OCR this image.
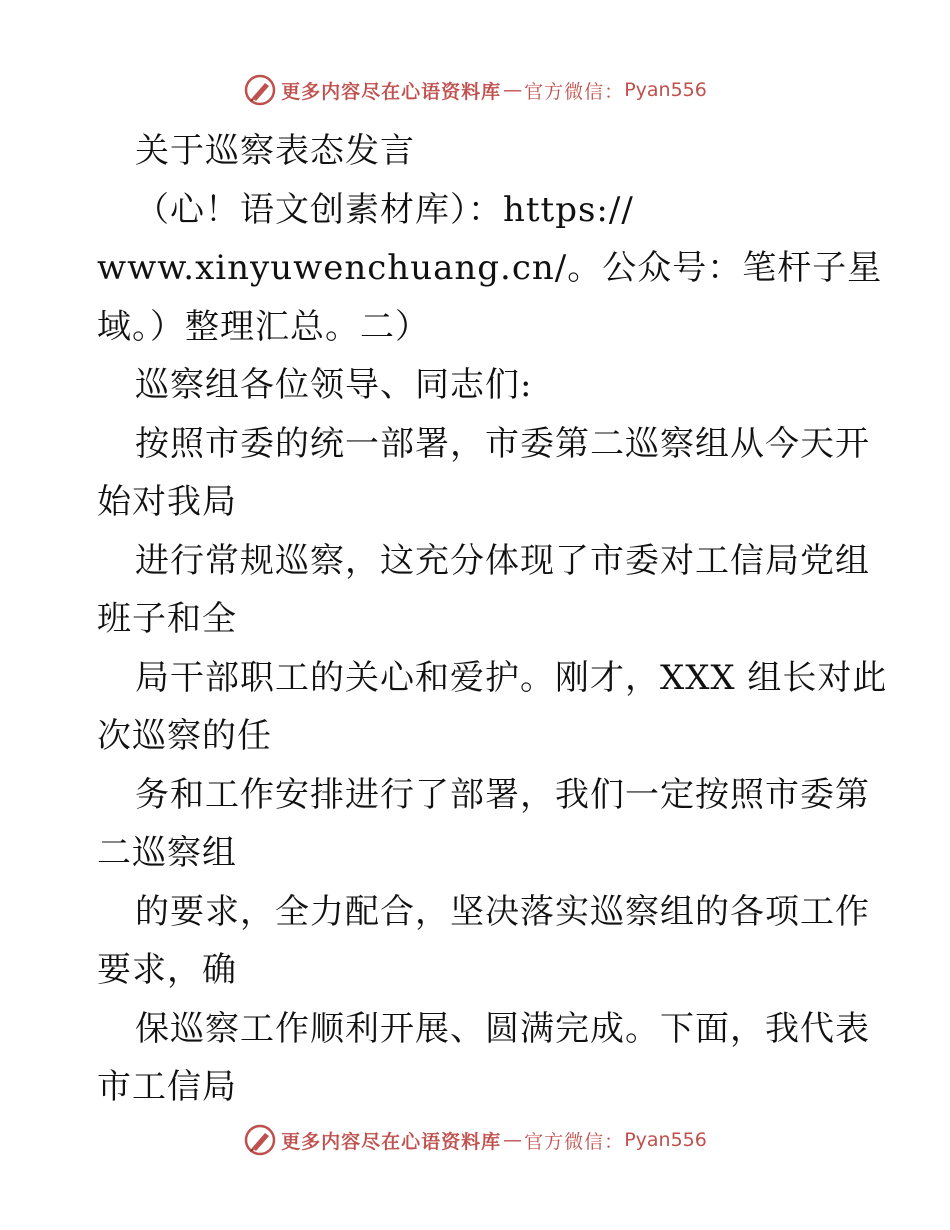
更多内容尽在心语资料库 — 官方微信： Pyan556
关于巡察表态发言
（心！语文创素材库）：https://
www.xinyuwenchuang.cn/。公众号：笔杆子星
域。）整理汇总。二）
巡察组各位领导、同志们:
按照市委的统一部署，市委第二巡察组从今天开
始对我局
进行常规巡察，这充分体现了市委对工信局党组
班子和全
局干部职工的关心和爱护。刚才，XXX 组长对此
次巡察的任
务和工作安排进行了部署，我们一定按照市委第
二巡察组
的要求，全力配合，坚决落实巡察组的各项工作
要求，确
保巡察工作顺利开展、圆满完成。下面，我代表
市工信局
更多内容尽在心语资料库 — 官方微信： Pyan556
